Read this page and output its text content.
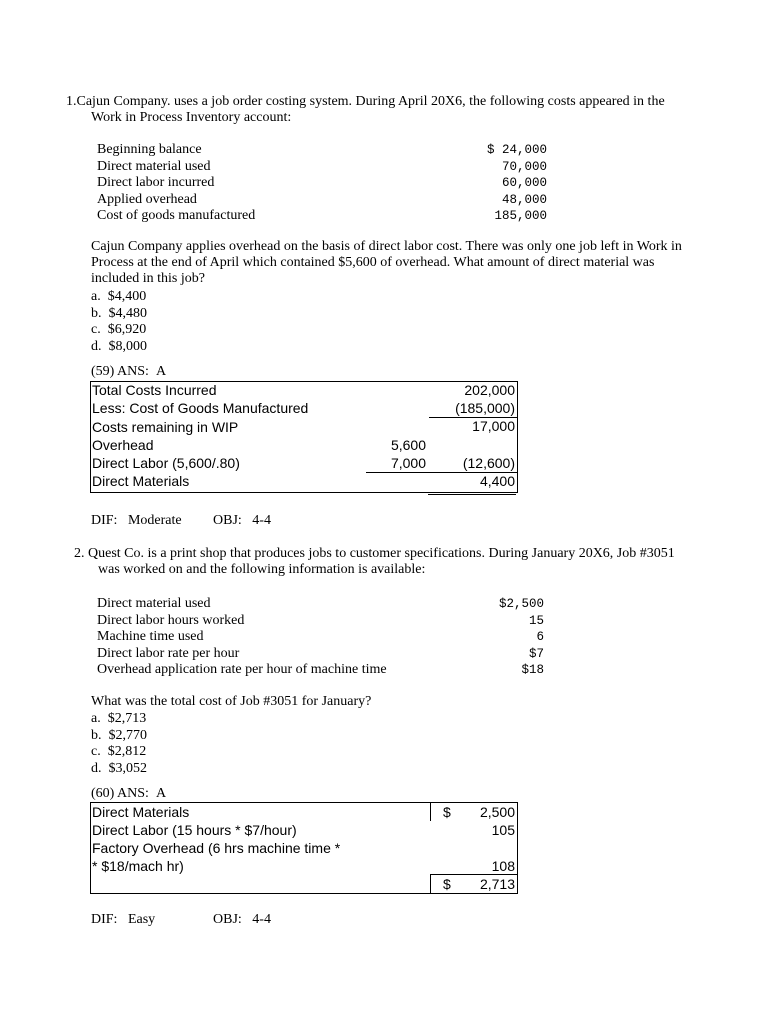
1.Cajun Company. uses a job order costing system. During April 20X6, the following costs appeared in the
Work in Process Inventory account:
Beginning balance	$ 24,000
Direct material used	70,000
Direct labor incurred	60,000
Applied overhead	48,000
Cost of goods manufactured	185,000
Cajun Company applies overhead on the basis of direct labor cost. There was only one job left in Work in
Process at the end of April which contained $5,600 of overhead. What amount of direct material was
included in this job?
a.  $4,400
b.  $4,480
c.  $6,920
d.  $8,000
(59) ANS:  A
Total Costs Incurred	202,000
Less: Cost of Goods Manufactured	(185,000)
Costs remaining in WIP	17,000
Overhead	5,600
Direct Labor (5,600/.80)	7,000	(12,600)
Direct Materials	4,400
DIF:   Moderate OBJ:   4-4
2. Quest Co. is a print shop that produces jobs to customer specifications. During January 20X6, Job #3051
was worked on and the following information is available:
Direct material used	$2,500
Direct labor hours worked	15
Machine time used	6
Direct labor rate per hour	$7
Overhead application rate per hour of machine time	$18
What was the total cost of Job #3051 for January?
a.  $2,713
b.  $2,770
c.  $2,812
d.  $3,052
(60) ANS:  A
Direct Materials	$ 2,500
Direct Labor (15 hours * $7/hour)	105
Factory Overhead (6 hrs machine time *
* $18/mach hr)	108
$ 2,713
DIF:   Easy	OBJ:   4-4
